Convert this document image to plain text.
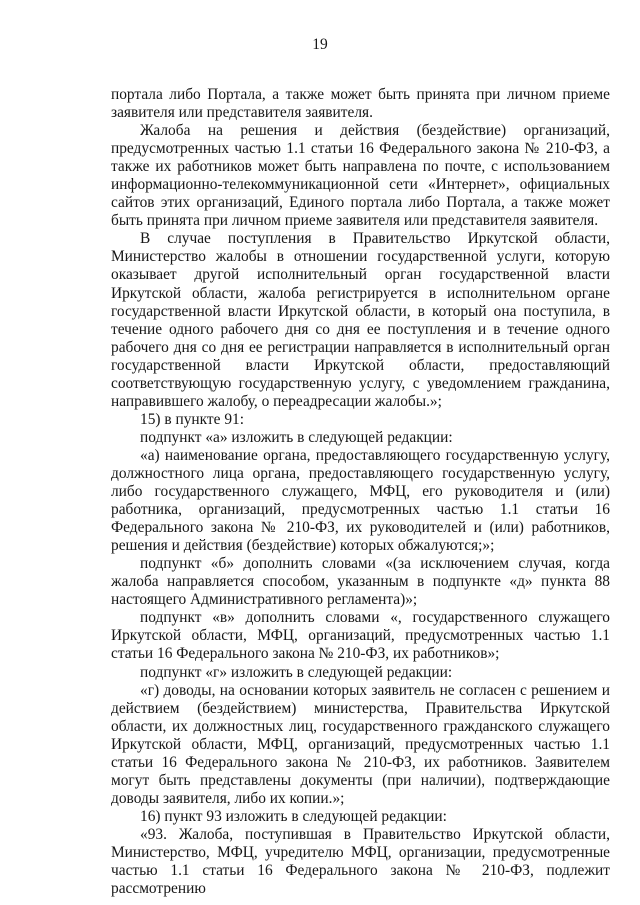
19

портала либо Портала, а также может быть принята при личном приеме заявителя или представителя заявителя.

Жалоба на решения и действия (бездействие) организаций, предусмотренных частью 1.1 статьи 16 Федерального закона № 210-ФЗ, а также их работников может быть направлена по почте, с использованием информационно-телекоммуникационной сети «Интернет», официальных сайтов этих организаций, Единого портала либо Портала, а также может быть принята при личном приеме заявителя или представителя заявителя.

В случае поступления в Правительство Иркутской области, Министерство жалобы в отношении государственной услуги, которую оказывает другой исполнительный орган государственной власти Иркутской области, жалоба регистрируется в исполнительном органе государственной власти Иркутской области, в который она поступила, в течение одного рабочего дня со дня ее поступления и в течение одного рабочего дня со дня ее регистрации направляется в исполнительный орган государственной власти Иркутской области, предоставляющий соответствующую государственную услугу, с уведомлением гражданина, направившего жалобу, о переадресации жалобы.»;

15) в пункте 91:

подпункт «а» изложить в следующей редакции:

«а) наименование органа, предоставляющего государственную услугу, должностного лица органа, предоставляющего государственную услугу, либо государственного служащего, МФЦ, его руководителя и (или) работника, организаций, предусмотренных частью 1.1 статьи 16 Федерального закона № 210-ФЗ, их руководителей и (или) работников, решения и действия (бездействие) которых обжалуются;»;

подпункт «б» дополнить словами «(за исключением случая, когда жалоба направляется способом, указанным в подпункте «д» пункта 88 настоящего Административного регламента)»;

подпункт «в» дополнить словами «, государственного служащего Иркутской области, МФЦ, организаций, предусмотренных частью 1.1 статьи 16 Федерального закона № 210-ФЗ, их работников»;

подпункт «г» изложить в следующей редакции:

«г) доводы, на основании которых заявитель не согласен с решением и действием (бездействием) министерства, Правительства Иркутской области, их должностных лиц, государственного гражданского служащего Иркутской области, МФЦ, организаций, предусмотренных частью 1.1 статьи 16 Федерального закона № 210-ФЗ, их работников. Заявителем могут быть представлены документы (при наличии), подтверждающие доводы заявителя, либо их копии.»;

16) пункт 93 изложить в следующей редакции:

«93. Жалоба, поступившая в Правительство Иркутской области, Министерство, МФЦ, учредителю МФЦ, организации, предусмотренные частью 1.1 статьи 16 Федерального закона № 210-ФЗ, подлежит рассмотрению
